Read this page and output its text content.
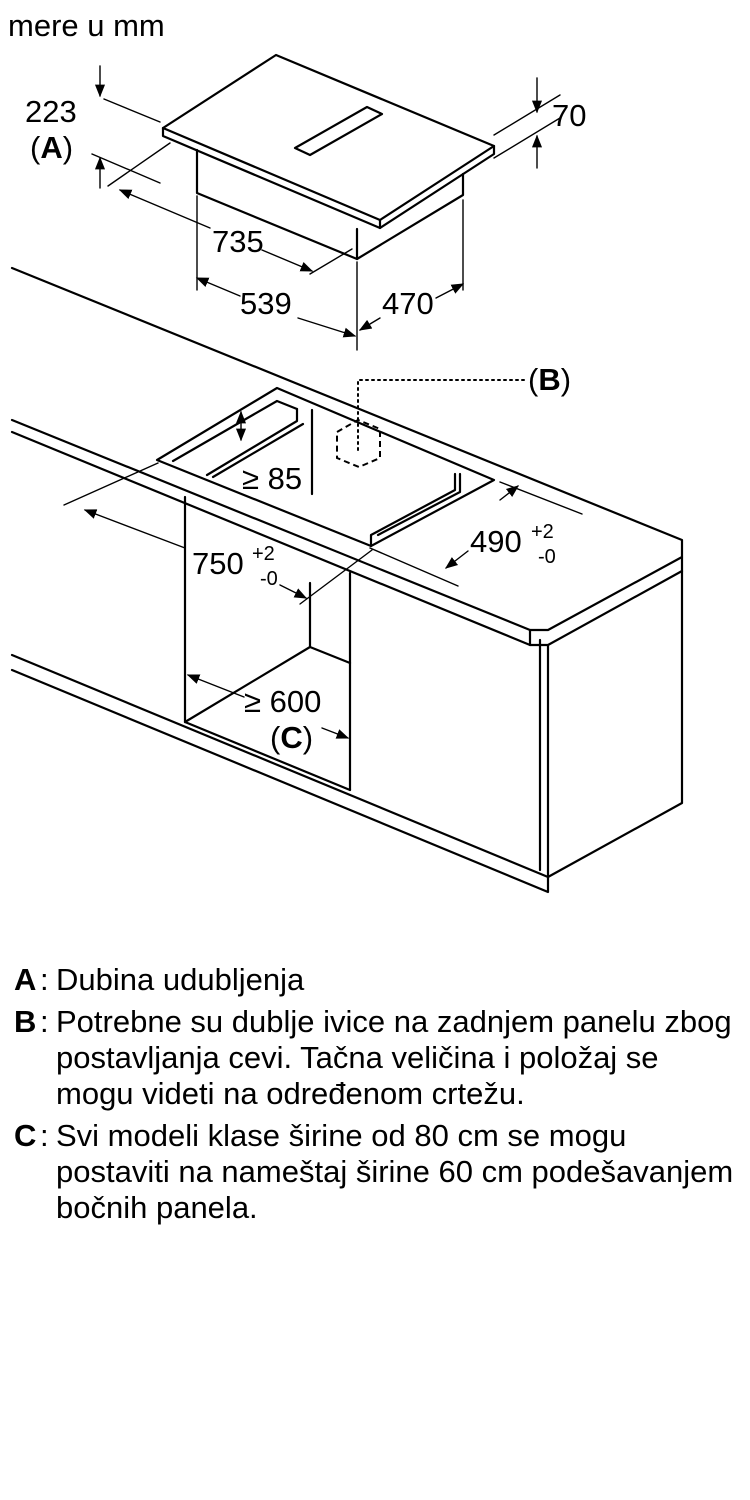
mere u mm
223
(A)
70
735
539	470
(B)
≥ 85
490 +2
-0
750 +2
-0
≥ 600
(C)
A : Dubina udubljenja
B : Potrebne su dublje ivice na zadnjem panelu zbog postavljanja cevi. Tačna veličina i položaj se mogu videti na određenom crtežu.
C : Svi modeli klase širine od 80 cm se mogu postaviti na nameštaj širine 60 cm podešavanjem bočnih panela.
